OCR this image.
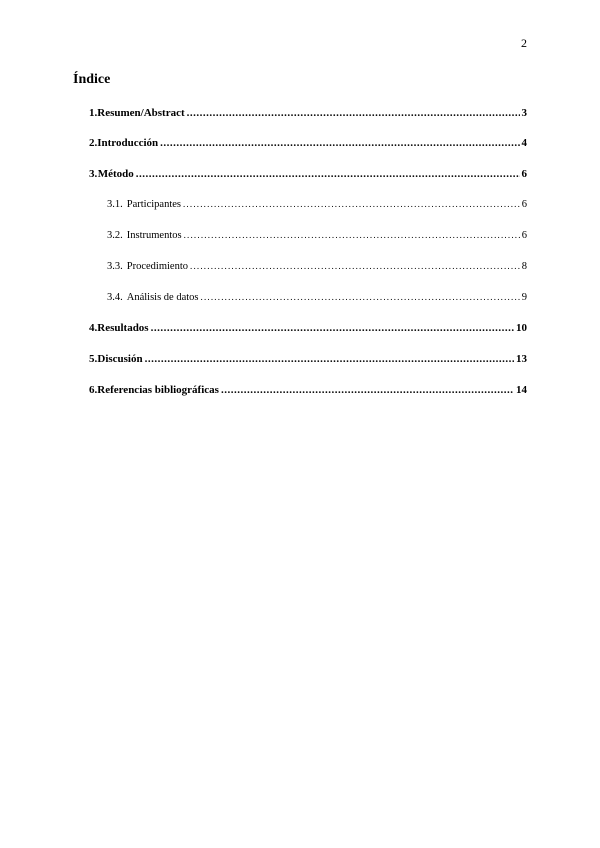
2
Índice
1. Resumen/Abstract .....	3
2. Introducción .....	4
3. Método .....	6
3.1. Participantes .....	6
3.2. Instrumentos .....	6
3.3. Procedimiento .....	8
3.4. Análisis de datos .....	9
4. Resultados .....	10
5. Discusión .....	13
6. Referencias bibliográficas .....	14
